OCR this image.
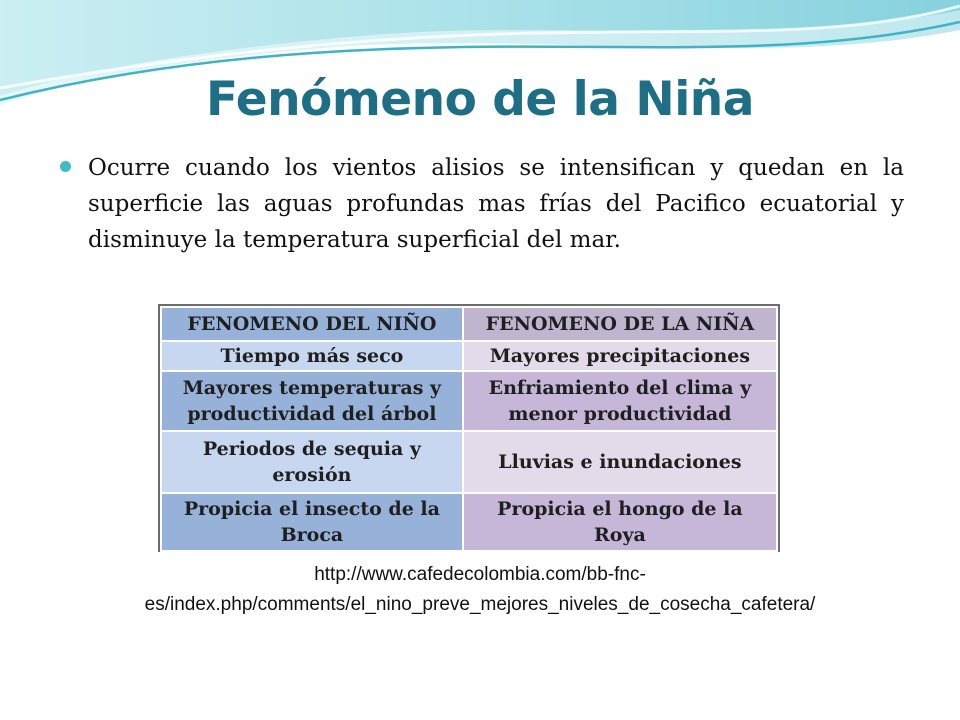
Fenómeno de la Niña

Ocurre cuando los vientos alisios se intensifican y quedan en la superficie las aguas profundas mas frías del Pacifico ecuatorial y disminuye la temperatura superficial del mar.

FENOMENO DEL NIÑO	FENOMENO DE LA NIÑA
Tiempo más seco	Mayores precipitaciones
Mayores temperaturas y productividad del árbol	Enfriamiento del clima y menor productividad
Periodos de sequia y erosión	Lluvias e inundaciones
Propicia el insecto de la Broca	Propicia el hongo de la Roya
http://www.cafedecolombia.com/bb-fnc-
es/index.php/comments/el_nino_preve_mejores_niveles_de_cosecha_cafetera/
